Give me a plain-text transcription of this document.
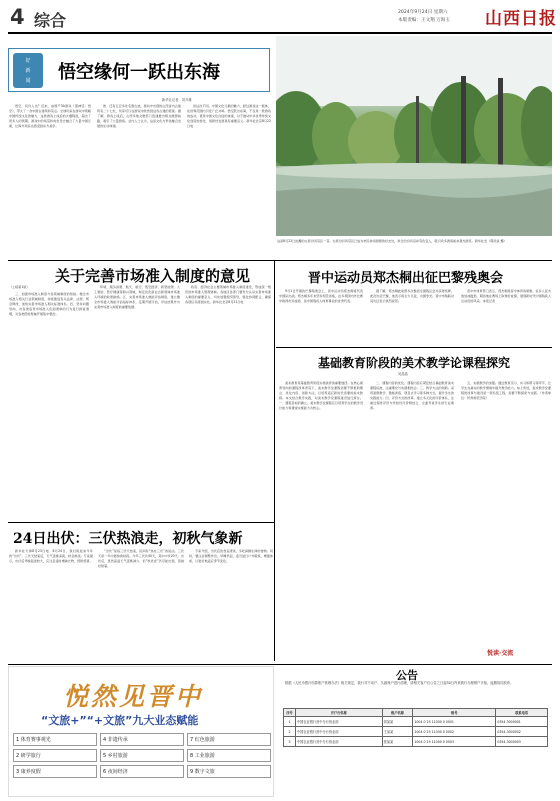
4 综合	2024年9月24日 星期六
本版责编：王文翔 万海玉 山西日报
好
新
闻	悟空缘何一跃出东海
新华社记者　刘开雄

悟空，何许人也？近来，由国产3A游戏《黑神话：悟空》，带火了一众中国古建筑和景点。全球玩家在游戏中领略中国传统文化的魅力，这款游戏上线后的火爆程度，超出了很多人的预期。游戏中的场景和角色设计融合了大量中国元素，让海外玩家也感受到东方美学。

像、还有五百多处名胜古迹，游戏中出现的山西省内古建筑有二十七处，玩家可以在游戏中欣赏到这些古建的原貌。据了解，游戏上线后，山西多地文旅部门迅速推出相关旅游线路，吸引了大量游客。业内人士认为，这是文化与科技融合发展的生动体现。

但这次不同。中国文化元素的魅力，经过游戏这一载体，在世界范围内引发广泛共鸣。悟空跃出东海，不仅是一款游戏的成功，更是中国文化自信的体现，对于推动中华优秀传统文化创造性转化、创新性发展具有重要意义。新华社北京8月22日电

这是8月22日拍摄的太原汾河景区一景。太原汾河风景区已成为市民休闲游憩的好去处，秋日的汾河沿岸景色宜人，吸引众多游客前来观光游览。新华社发（郭武斌 摄）
关于完善市场准入制度的意见
（上接第1版）

三、加强市场准入制度与各领域制度的衔接。健全市场准入相关行业领域制度，持续推进有关法律、法规、规章修改，加快完善市场准入相关标准体系。四、坚持问题导向，对各类违背市场准入负面清单的行为进行排查清理，对各类隐性壁垒开展集中整治。

环境、服务消费、航天、航空、低空经济、新型能源、人工智能、医疗健康等新兴领域，制定优化新业态新领域市场准入环境的政策措施。五、完善市场准入效能评估制度，建立健全市场准入效能评估指标体系，定期开展评估，评估结果作为完善市场准入制度的重要依据。

政府、经济社会主要领域市场准入制度建设，形成统一规范的市场准入管理体制。各地区各部门要充分认识完善市场准入制度的重要意义，切实加强组织领导，强化协同配合，确保各项任务落到实处。新华社北京8月21日电

晋中运动员郑杰桐出征巴黎残奥会

9月1日开幕的巴黎残奥会上，晋中运动员郑杰桐将代表中国队出战。郑杰桐多年来坚持刻苦训练，在多项国内外比赛中取得优异成绩，是中国残疾人体育事业的优秀代表。

据了解，郑杰桐此前曾多次参加全国残运会并获得奖牌。此次出征巴黎，他表示将全力以赴，为国争光。晋中市残联对其出征表示热烈祝贺。

晋中市体育部门表示，郑杰桐是晋中体育的骄傲。家乡人民为他加油鼓劲，期待他在赛场上取得好成绩，展现新时代中国残疾人运动员的风采。本报记者

基础教育阶段的美术教学论课程探究
吴晶晶

美术教育是基础教育阶段实施美育的重要途径。在核心素养导向的课程改革背景下，美术教学论课程需要不断更新理念、优化内容、创新方法，以培养适应新时代需要的美术教师。本文结合教学实践，对美术教学论课程建设进行探讨。一、课程目标的确立。美术教学论课程应以培养学生的教学设计能力和课堂实施能力为核心。

二、课程内容的优化。课程内容应紧密结合基础教育美术课程标准，注重理论与实践相结合。三、教学方法的创新。采用案例教学、微格训练、项目式学习等多种方式，提升学生的实践能力。四、评价方式的改革。建立多元化的评价体系，注重过程性评价与终结性评价相结合，全面考查学生的专业素养。

五、实践教学的加强。通过教育见习、实习和研习等环节，让学生在真实的教学情境中提升教学能力。综上所述，美术教学论课程的改革与建设是一项系统工程，需要不断探索与实践。（作者单位：忻州师范学院）

24日出伏：三伏热浪走，初秋气象新

新华社天津8月23日电　8月24日，我们将迎来今年的“出伏”。三伏天结束后，天气逐渐凉爽，秋意渐浓。专家提示，出伏后早晚温差较大，应注意适时增减衣物，预防感冒。

“出伏”是指三伏天结束，民间有“热在三伏”的说法。三伏天是一年中最热的时段。今年三伏共40天，其中中伏20天。出伏后，虽然高温天气逐渐减少，但“秋老虎”仍可能出现，需做好防暑。

专家介绍，出伏后饮食宜清淡，多吃润肺生津的食物。同时，要注意调整作息，早睡早起，适当进行户外锻炼，增强体质，以更好地适应季节变化。

悦然见晋中
“文旅+”“+文旅”九大业态赋能
1 体育赛事观光	4 非遗传承	7 红色旅游
2 研学旅行	5 乡村旅游	8 工业旅游
3 康养度假	6 夜间经济	9 数字文旅
悦读·交流
公告

根据《人民币银行结算账户管理办法》相关规定，我行对不动户、久悬账户进行清理，请相关客户自公告之日起30日内来我行办理销户手续，逾期视同放弃。

序号	开户行名称	账户名称	账号	联系电话
1	中国农业银行晋中分行营业部	刘某某	1004 0 25 11000 0 0001	0354-3000001
2	中国农业银行晋中分行营业部	王某某	1004 0 25 11000 0 0002	0354-3000002
3	中国农业银行晋中分行营业部	张某某	1004 0 25 11000 0 0003	0354-3000003
